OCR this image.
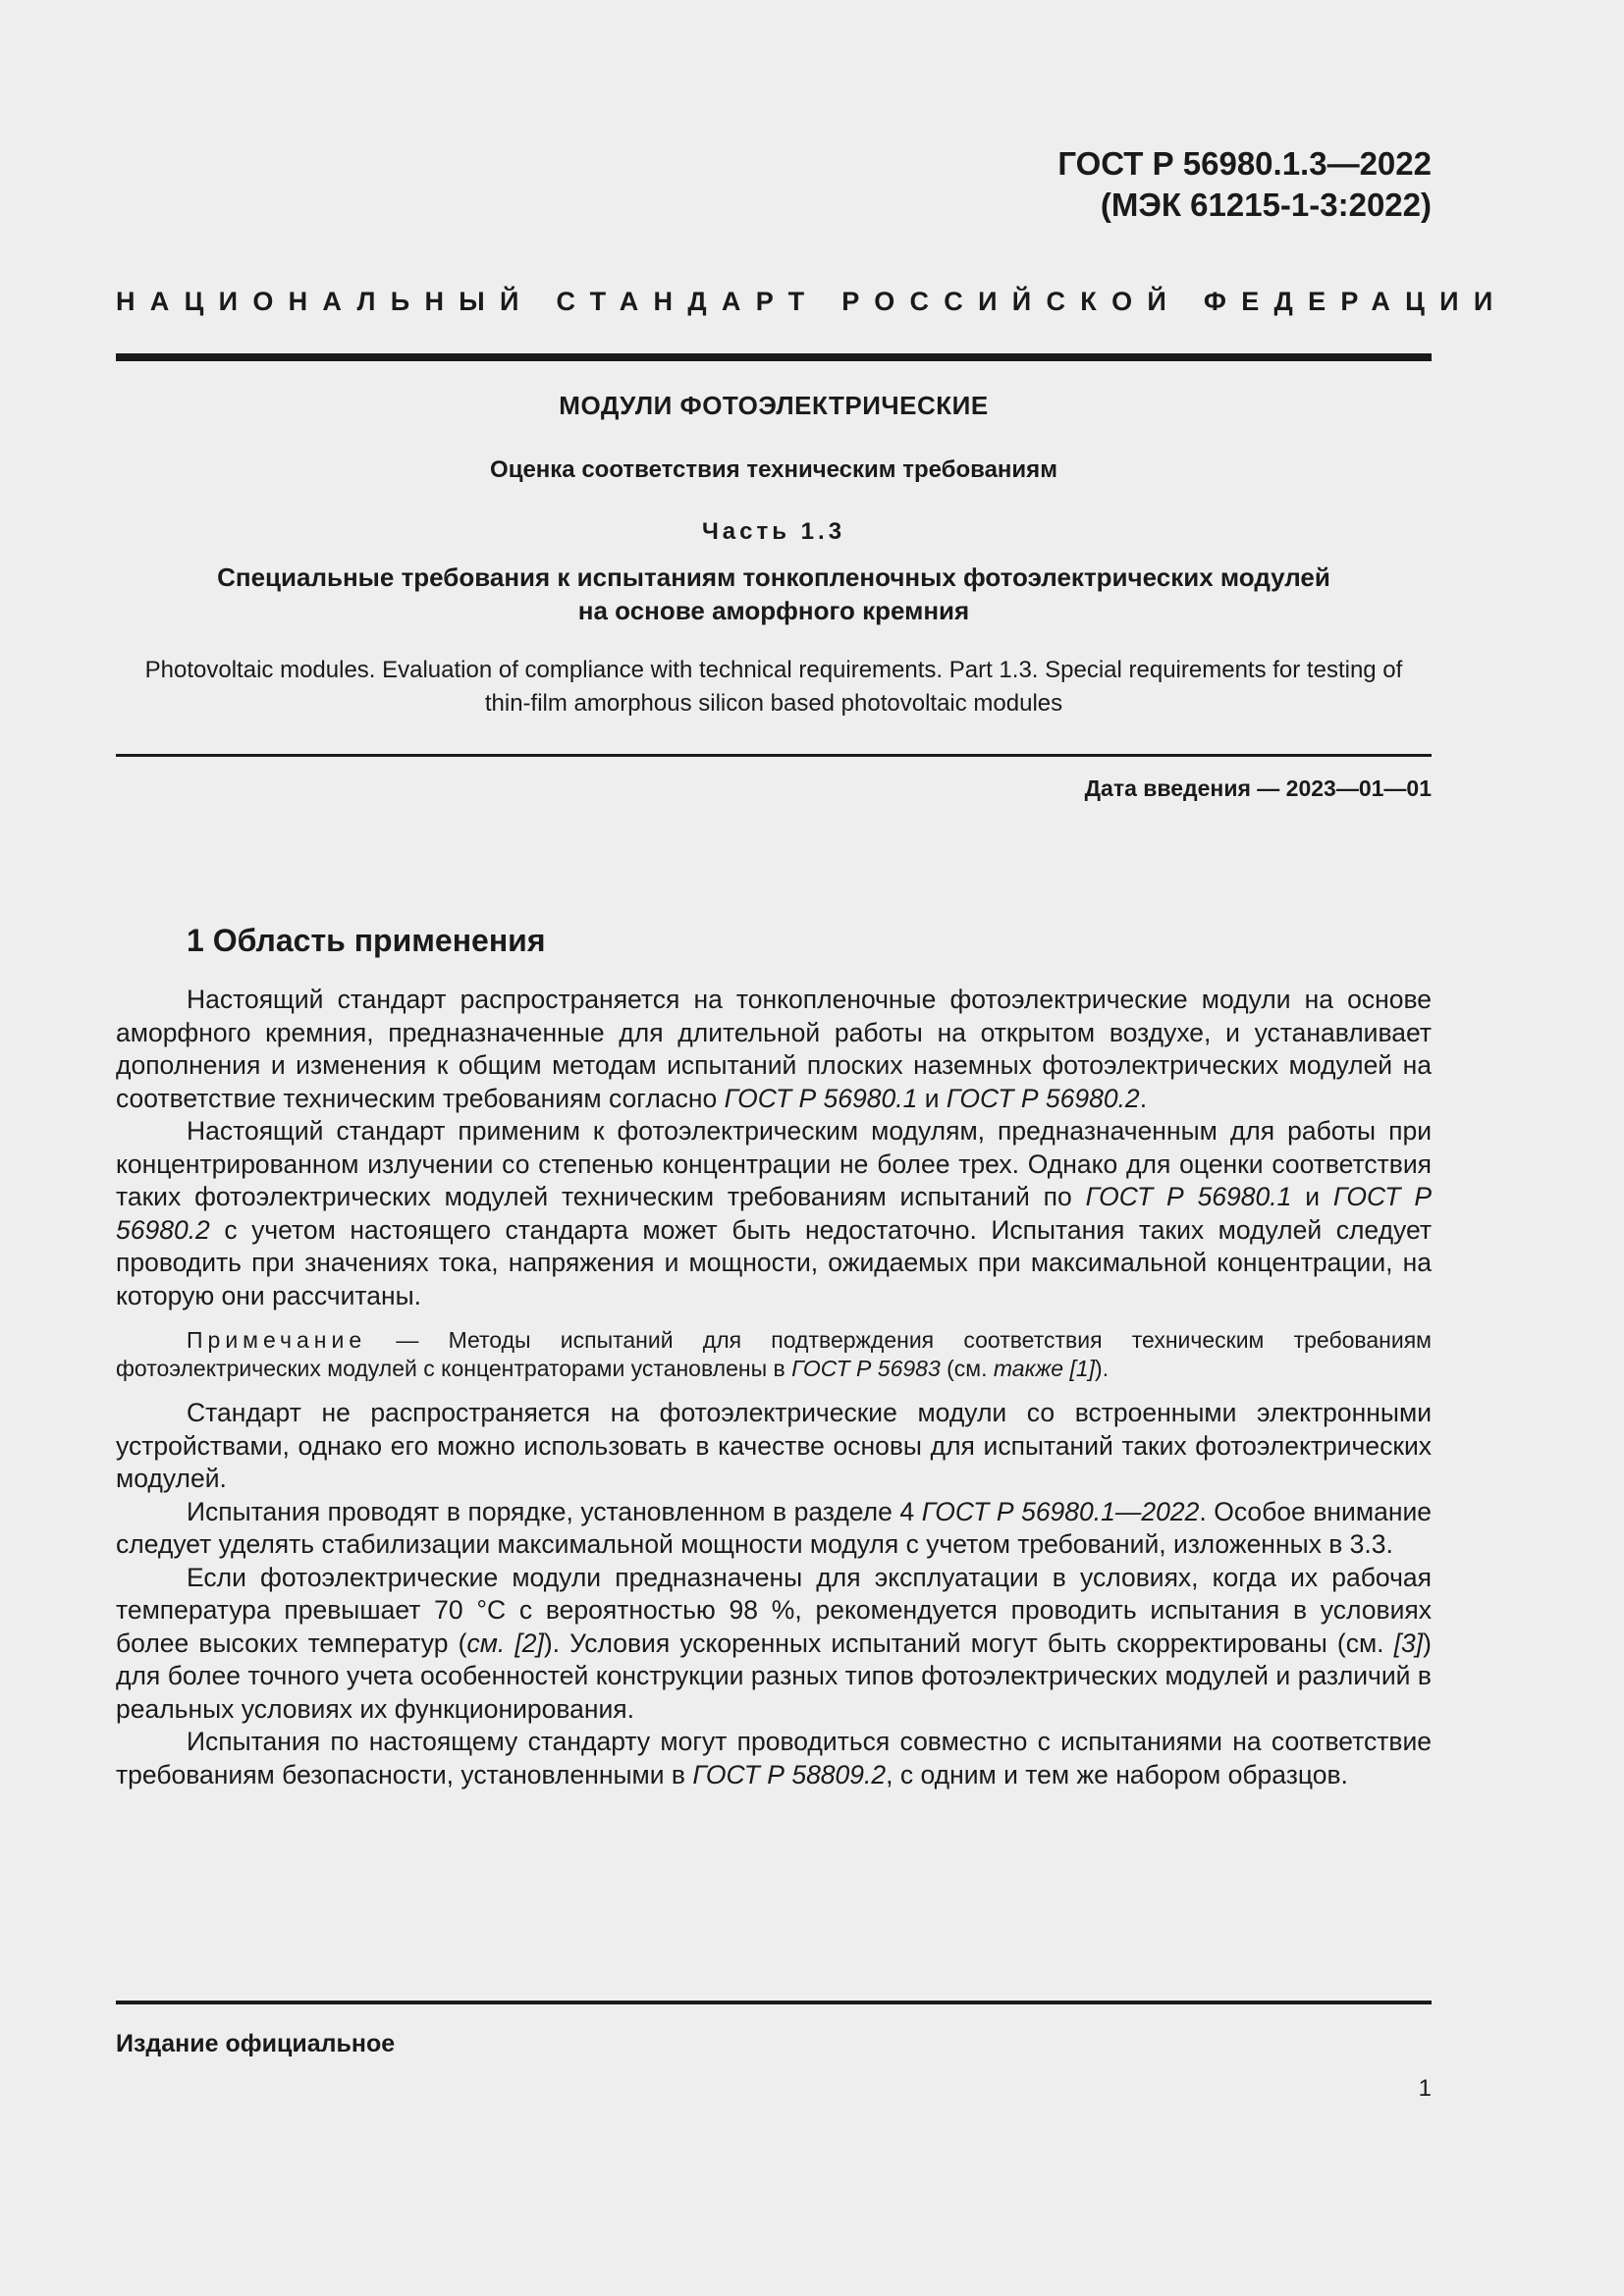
ГОСТ Р 56980.1.3—2022
(МЭК 61215-1-3:2022)
НАЦИОНАЛЬНЫЙ СТАНДАРТ РОССИЙСКОЙ ФЕДЕРАЦИИ
МОДУЛИ ФОТОЭЛЕКТРИЧЕСКИЕ
Оценка соответствия техническим требованиям
Часть 1.3
Специальные требования к испытаниям тонкопленочных фотоэлектрических модулей
на основе аморфного кремния
Photovoltaic modules. Evaluation of compliance with technical requirements. Part 1.3. Special requirements for testing of
thin-film amorphous silicon based photovoltaic modules
Дата введения — 2023—01—01
1 Область применения

Настоящий стандарт распространяется на тонкопленочные фотоэлектрические модули на основе аморфного кремния, предназначенные для длительной работы на открытом воздухе, и устанавливает дополнения и изменения к общим методам испытаний плоских наземных фотоэлектрических модулей на соответствие техническим требованиям согласно ГОСТ Р 56980.1 и ГОСТ Р 56980.2.

Настоящий стандарт применим к фотоэлектрическим модулям, предназначенным для работы при концентрированном излучении со степенью концентрации не более трех. Однако для оценки соответствия таких фотоэлектрических модулей техническим требованиям испытаний по ГОСТ Р 56980.1 и ГОСТ Р 56980.2 с учетом настоящего стандарта может быть недостаточно. Испытания таких модулей следует проводить при значениях тока, напряжения и мощности, ожидаемых при максимальной концентрации, на которую они рассчитаны.

Примечание — Методы испытаний для подтверждения соответствия техническим требованиям фотоэлектрических модулей с концентраторами установлены в ГОСТ Р 56983 (см. также [1]).

Стандарт не распространяется на фотоэлектрические модули со встроенными электронными устройствами, однако его можно использовать в качестве основы для испытаний таких фотоэлектрических модулей.

Испытания проводят в порядке, установленном в разделе 4 ГОСТ Р 56980.1—2022. Особое внимание следует уделять стабилизации максимальной мощности модуля с учетом требований, изложенных в 3.3.

Если фотоэлектрические модули предназначены для эксплуатации в условиях, когда их рабочая температура превышает 70 °С с вероятностью 98 %, рекомендуется проводить испытания в условиях более высоких температур (см. [2]). Условия ускоренных испытаний могут быть скорректированы (см. [3]) для более точного учета особенностей конструкции разных типов фотоэлектрических модулей и различий в реальных условиях их функционирования.

Испытания по настоящему стандарту могут проводиться совместно с испытаниями на соответствие требованиям безопасности, установленными в ГОСТ Р 58809.2, с одним и тем же набором образцов.

Издание официальное
1
